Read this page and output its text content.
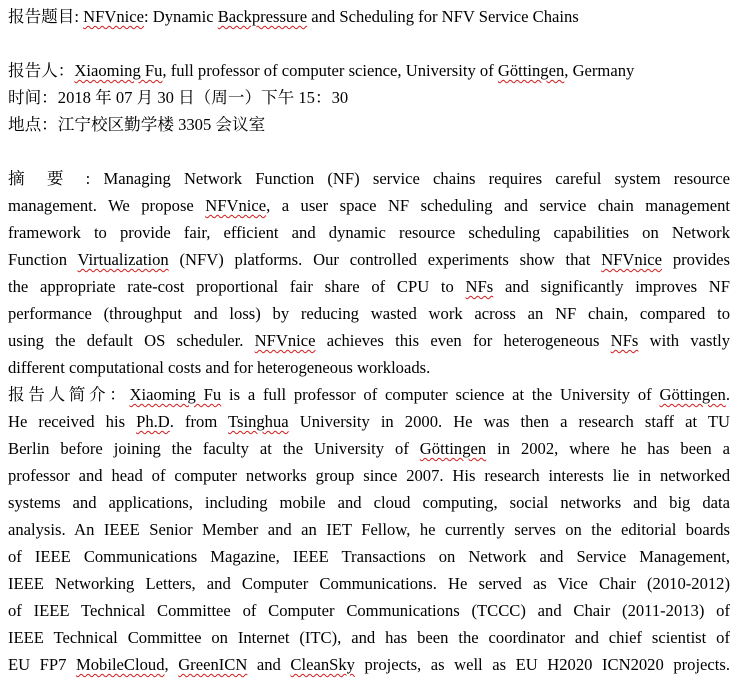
报告题目: NFVnice: Dynamic Backpressure and Scheduling for NFV Service Chains
报告人：Xiaoming Fu, full professor of computer science, University of Göttingen, Germany
时间：2018 年 07 月 30 日（周一）下午 15：30
地点：江宁校区勤学楼 3305 会议室
摘 要 : Managing Network Function (NF) service chains requires careful system resource
management. We propose NFVnice, a user space NF scheduling and service chain management
framework to provide fair, efficient and dynamic resource scheduling capabilities on Network
Function Virtualization (NFV) platforms. Our controlled experiments show that NFVnice provides
the appropriate rate-cost proportional fair share of CPU to NFs and significantly improves NF
performance (throughput and loss) by reducing wasted work across an NF chain, compared to
using the default OS scheduler. NFVnice achieves this even for heterogeneous NFs with vastly
different computational costs and for heterogeneous workloads.
报告人简介：Xiaoming Fu is a full professor of computer science at the University of Göttingen.
He received his Ph.D. from Tsinghua University in 2000. He was then a research staff at TU
Berlin before joining the faculty at the University of Göttingen in 2002, where he has been a
professor and head of computer networks group since 2007. His research interests lie in networked
systems and applications, including mobile and cloud computing, social networks and big data
analysis. An IEEE Senior Member and an IET Fellow, he currently serves on the editorial boards
of IEEE Communications Magazine, IEEE Transactions on Network and Service Management,
IEEE Networking Letters, and Computer Communications. He served as Vice Chair (2010-2012)
of IEEE Technical Committee of Computer Communications (TCCC) and Chair (2011-2013) of
IEEE Technical Committee on Internet (ITC), and has been the coordinator and chief scientist of
EU FP7 MobileCloud, GreenICN and CleanSky projects, as well as EU H2020 ICN2020 projects.
